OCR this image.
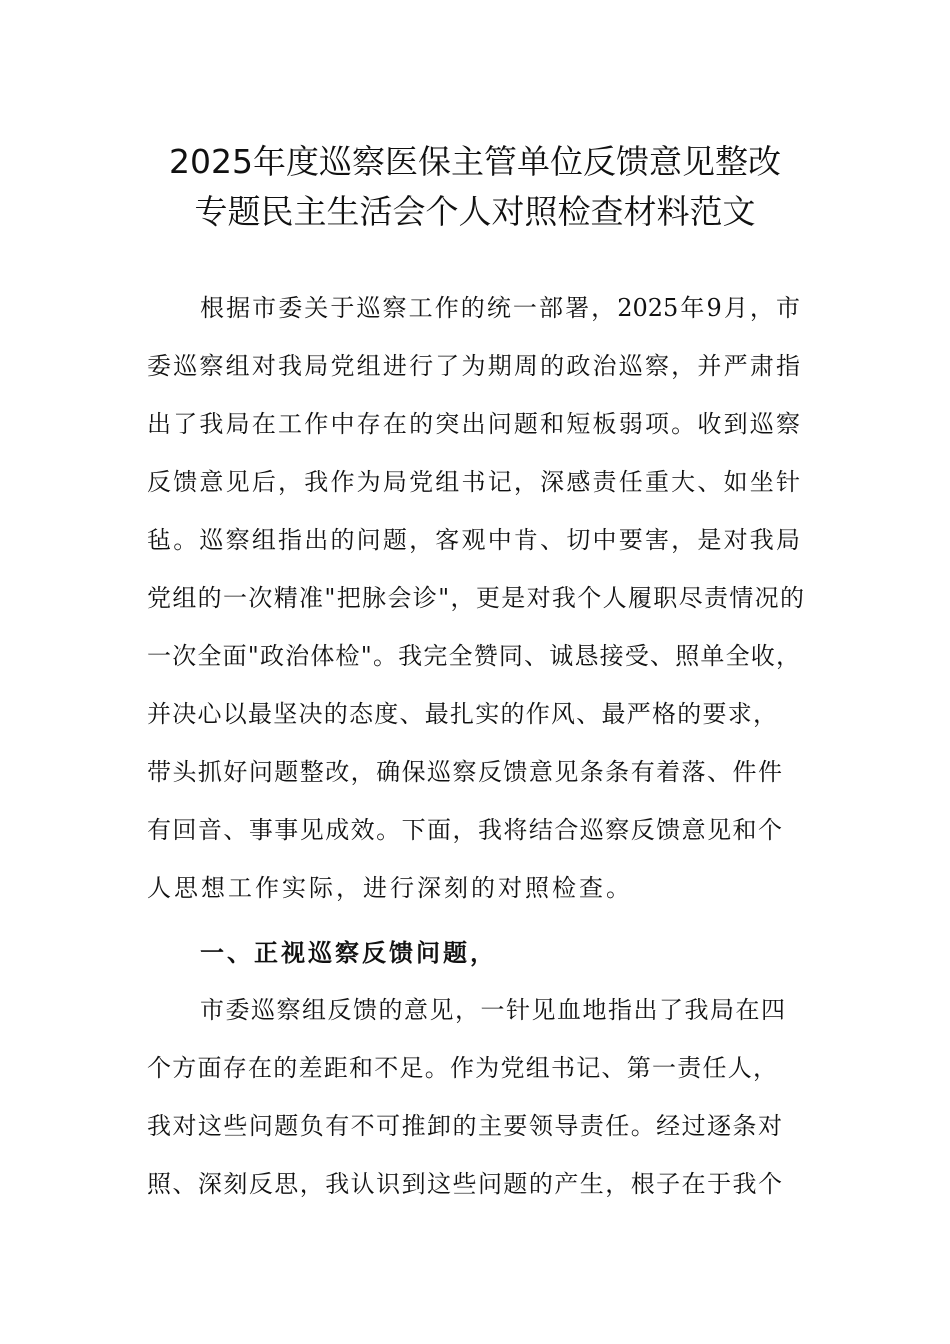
2025年度巡察医保主管单位反馈意见整改
专题民主生活会个人对照检查材料范文
根据市委关于巡察工作的统一部署，2025年9月，市
委巡察组对我局党组进行了为期周的政治巡察，并严肃指
出了我局在工作中存在的突出问题和短板弱项。收到巡察
反馈意见后，我作为局党组书记，深感责任重大、如坐针
毡。巡察组指出的问题，客观中肯、切中要害，是对我局
党组的一次精准"把脉会诊"，更是对我个人履职尽责情况的
一次全面"政治体检"。我完全赞同、诚恳接受、照单全收，
并决心以最坚决的态度、最扎实的作风、最严格的要求，
带头抓好问题整改，确保巡察反馈意见条条有着落、件件
有回音、事事见成效。下面，我将结合巡察反馈意见和个
人思想工作实际，进行深刻的对照检查。
一、正视巡察反馈问题，
市委巡察组反馈的意见，一针见血地指出了我局在四
个方面存在的差距和不足。作为党组书记、第一责任人，
我对这些问题负有不可推卸的主要领导责任。经过逐条对
照、深刻反思，我认识到这些问题的产生，根子在于我个
